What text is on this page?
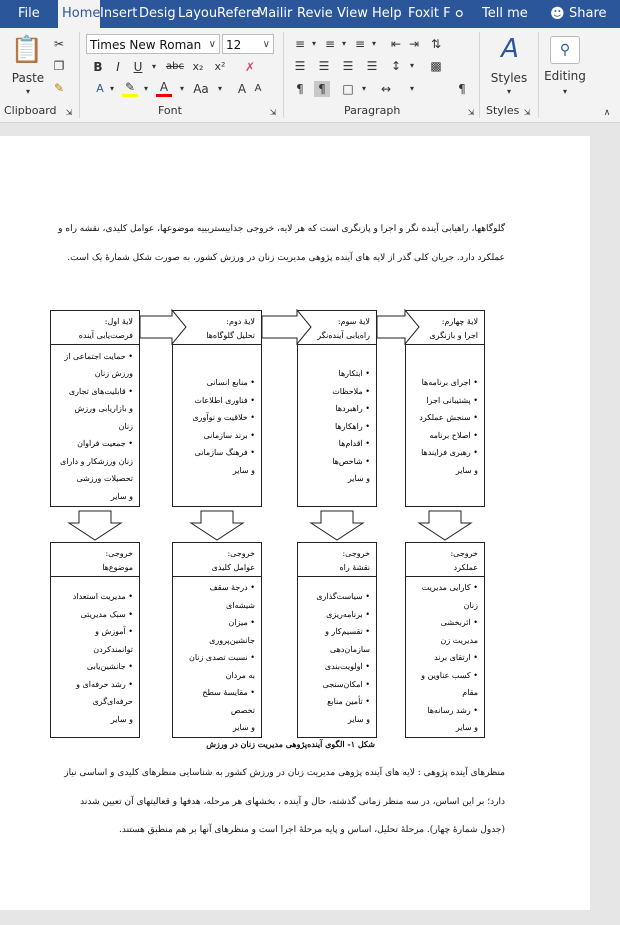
File	Home Insert Desig Layou Refere
Mailir Revie View Help Foxit F ⚪	Tell me ☻ Share
📋
Paste
▾
✂
❐
✎
Clipboard ⇲
Times New Roman ∨ 12 ∨
B	I	U	▾	abc x₂ x² ✗
A ▾ ✎	▾ A	▾ Aa	▾	A A
Font	⇲
≡ ▾ ≡ ▾ ≡ ▾	⇤ ⇥ ⇅
☰ ☰ ☰ ☰ ↕	▾	▩
¶	¶	□	▾	↔	▾	¶
Paragraph	⇲
A
Styles
▾
Styles ⇲
⚲
Editing
▾
∧
گلوگاهها، راهیابی آینده نگر و اجرا و پازنگری است که هر لایه، خروجی جداییستربییه موضوعها، عوامل کلیدی، نقشه راه و
عملکرد دارد. جریان کلی گذر از لایه های آینده پژوهی مدیریت زنان در ورزش کشور، به صورت شکل شمارهٔ یک است.
لایهٔ اول:
فرصت‌یابی آینده
• حمایت اجتماعی از
ورزش زنان
• قابلیت‌های تجاری
و بازاریابی ورزش
زنان
• جمعیت فراوان
زنان ورزشکار و دارای
تحصیلات ورزشی
و سایر
لایهٔ دوم:
تحلیل گلوگاه‌ها
• منابع انسانی
• فناوری اطلاعات
• خلاقیت و نوآوری
• برند سازمانی
• فرهنگ سازمانی
و سایر
لایهٔ سوم:
راه‌یابی آینده‌نگر
• ابتکارها
• ملاحظات
• راهبردها
• راهکارها
• اقدام‌ها
• شاخص‌ها
و سایر
لایهٔ چهارم:
اجرا و بازنگری
• اجرای برنامه‌ها
• پشتیبانی اجرا
• سنجش عملکرد
• اصلاح برنامه
• رهبری فرایندها
و سایر
خروجی:
موضوع‌ها
• مدیریت استعداد
• سبک مدیریتی
• آموزش و
توانمندکردن
• جانشین‌یابی
• رشد حرفه‌ای و
حرفه‌ای‌گری
و سایر
خروجی:
عوامل کلیدی
• درجهٔ سقف
شیشه‌ای
• میزان
جانشین‌پروری
• نسبت تصدی زنان
به مردان
• مقایسهٔ سطح
تخصص
و سایر
خروجی:
نقشهٔ راه
• سیاست‌گذاری
• برنامه‌ریزی
• تقسیم‌کار و
سازمان‌دهی
• اولویت‌بندی
• امکان‌سنجی
• تأمین منابع
و سایر
خروجی:
عملکرد
• کارایی مدیریت
زنان
• اثربخشی
مدیریت زن
• ارتقای برند
• کسب عناوین و
مقام
• رشد رسانه‌ها
و سایر
شکل ۱- الگوی آینده‌پژوهی مدیریت زنان در ورزش
منظرهای آینده پژوهی : لایه های آینده پژوهی مدیریت زنان در ورزش کشور به شناسایی منظرهای کلیدی و اساسی نیاز
دارد؛ بر این اساس، در سه منظر زمانی گذشته، حال و آینده ، بخشهای هر مرحله، هدفها و قعالیتهای آن تعیین شدند
(جدول شمارهٔ چهار). مرحله‌ٔ تحلیل، اساس و پایه مرحله‌ٔ اجرا است و منظرهای آنها بر هم منطبق هستند.
